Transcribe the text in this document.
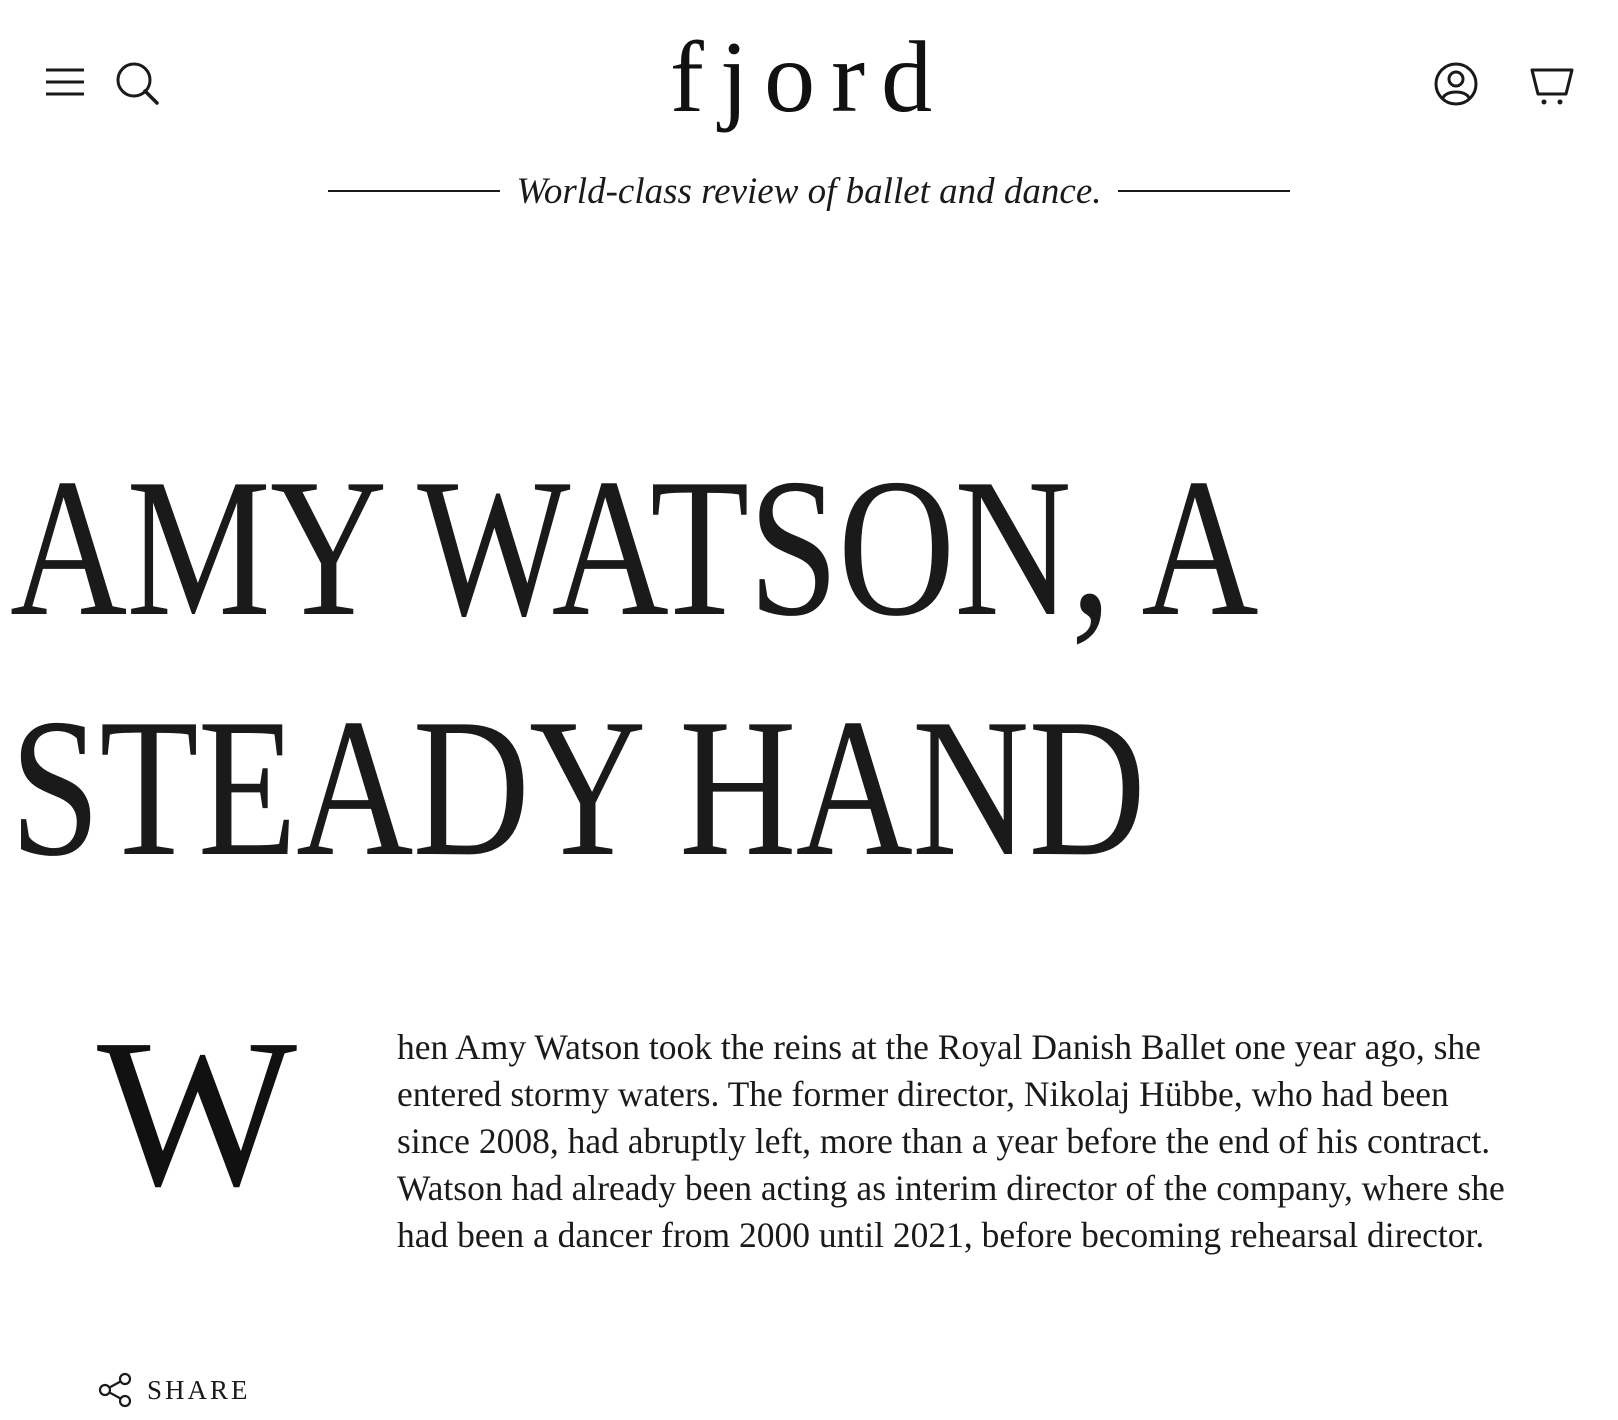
fjord
World-class review of ballet and dance.
AMY WATSON, A
STEADY HAND

W	hen Amy Watson took the reins at the Royal Danish Ballet one year ago, she entered stormy waters. The former director, Nikolaj Hübbe, who had been since 2008, had abruptly left, more than a year before the end of his contract. Watson had already been acting as interim director of the company, where she had been a dancer from 2000 until 2021, before becoming rehearsal director.

SHARE
